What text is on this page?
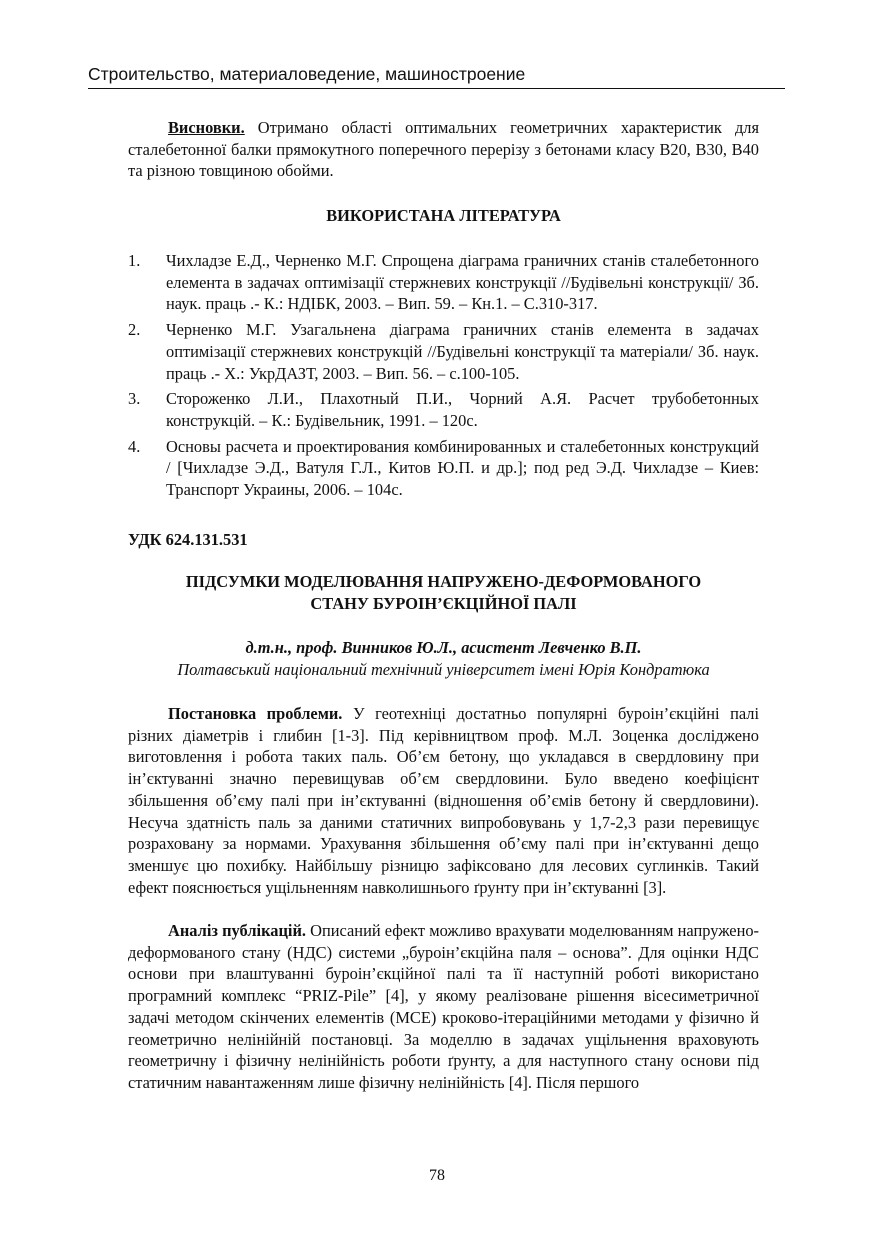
Строительство, материаловедение, машиностроение

Висновки. Отримано області оптимальних геометричних характеристик для сталебетонної балки прямокутного поперечного перерізу з бетонами класу В20, В30, В40 та різною товщиною обойми.

ВИКОРИСТАНА ЛІТЕРАТУРА
1.	Чихладзе Е.Д., Черненко М.Г. Спрощена діаграма граничних станів сталебетонного елемента в задачах оптимізації стержневих конструкції //Будівельні конструкції/ Зб. наук. праць .- К.: НДІБК, 2003. – Вип. 59. – Кн.1. – С.310-317.
2.	Черненко М.Г. Узагальнена діаграма граничних станів елемента в задачах оптимізації стержневих конструкцій //Будівельні конструкції та матеріали/ Зб. наук. праць .- Х.: УкрДАЗТ, 2003. – Вип. 56. – с.100-105.
3.	Стороженко Л.И., Плахотный П.И., Чорний А.Я. Расчет трубобетонных конструкцій. – К.: Будівельник, 1991. – 120с.
4.	Основы расчета и проектирования комбинированных и сталебетонных конструкций / [Чихладзе Э.Д., Ватуля Г.Л., Китов Ю.П. и др.]; под ред Э.Д. Чихладзе – Киев: Транспорт Украины, 2006. – 104с.
УДК 624.131.531
ПІДСУМКИ МОДЕЛЮВАННЯ НАПРУЖЕНО-ДЕФОРМОВАНОГО
СТАНУ БУРОІН’ЄКЦІЙНОЇ ПАЛІ
д.т.н., проф. Винников Ю.Л., асистент Левченко В.П.
Полтавський національний технічний університет імені Юрія Кондратюка

Постановка проблеми. У геотехніці достатньо популярні буроін’єкційні палі різних діаметрів і глибин [1-3]. Під керівництвом проф. М.Л. Зоценка досліджено виготовлення і робота таких паль. Об’єм бетону, що укладався в свердловину при ін’єктуванні значно перевищував об’єм свердловини. Було введено коефіцієнт збільшення об’єму палі при ін’єктуванні (відношення об’ємів бетону й свердловини). Несуча здатність паль за даними статичних випробовувань у 1,7-2,3 рази перевищує розраховану за нормами. Урахування збільшення об’єму палі при ін’єктуванні дещо зменшує цю похибку. Найбільшу різницю зафіксовано для лесових суглинків. Такий ефект пояснюється ущільненням навколишнього ґрунту при ін’єктуванні [3].

Аналіз публікацій. Описаний ефект можливо врахувати моделюванням напружено-деформованого стану (НДС) системи „буроін’єкційна паля – основа”. Для оцінки НДС основи при влаштуванні буроін’єкційної палі та її наступній роботі використано програмний комплекс “PRIZ-Pile” [4], у якому реалізоване рішення вісесиметричної задачі методом скінчених елементів (МСЕ) кроково-ітераційними методами у фізично й геометрично нелінійній постановці. За моделлю в задачах ущільнення враховують геометричну і фізичну нелінійність роботи ґрунту, а для наступного стану основи під статичним навантаженням лише фізичну нелінійність [4]. Після першого

78
